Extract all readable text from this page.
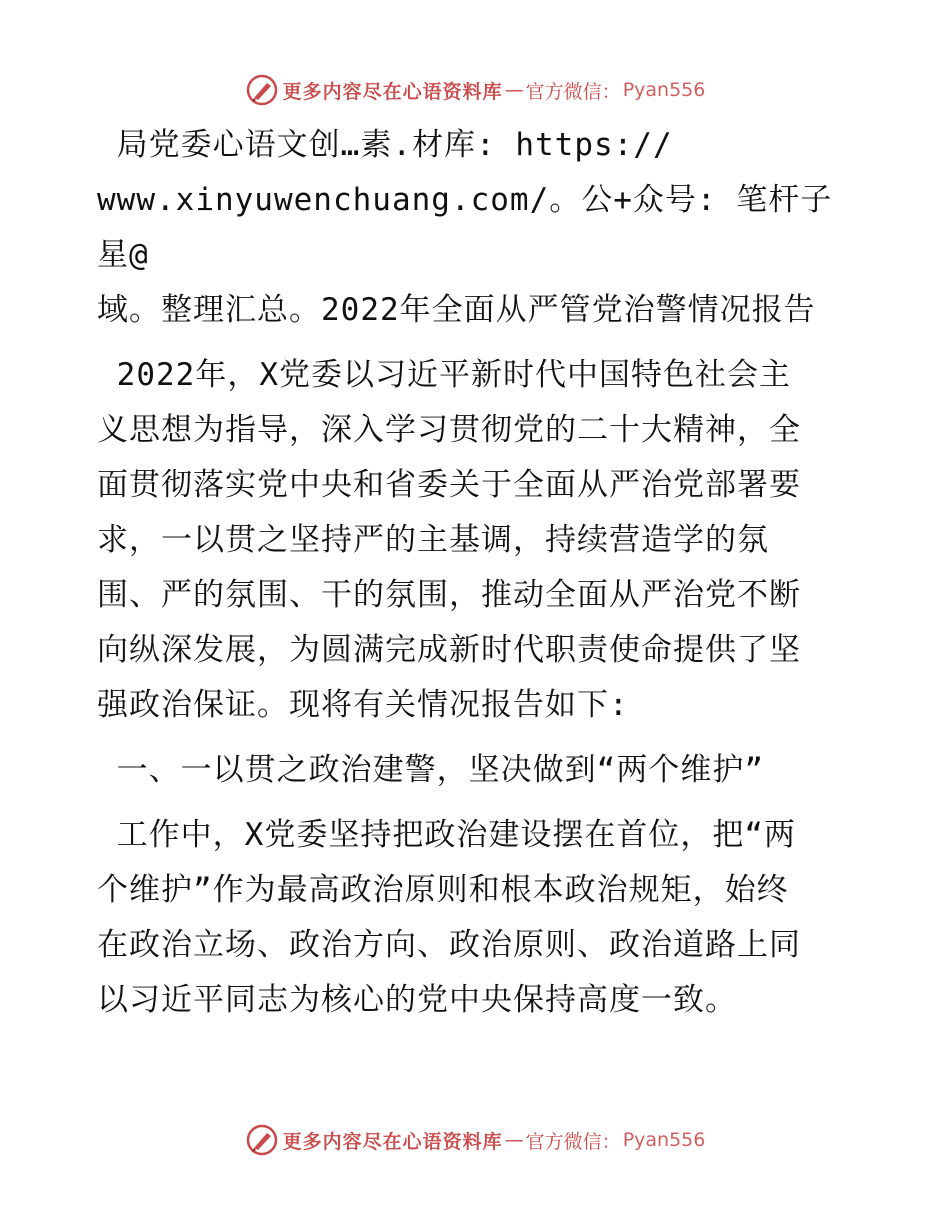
更多内容尽在心语资料库 — 官方微信： Pyan556

局党委心语文创…素.材库: https://
www.xinyuwenchuang.com/。公+众号: 笔杆子星@
域。整理汇总。2022年全面从严管党治警情况报告

2022年，X党委以习近平新时代中国特色社会主
义思想为指导，深入学习贯彻党的二十大精神，全
面贯彻落实党中央和省委关于全面从严治党部署要
求，一以贯之坚持严的主基调，持续营造学的氛
围、严的氛围、干的氛围，推动全面从严治党不断
向纵深发展，为圆满完成新时代职责使命提供了坚
强政治保证。现将有关情况报告如下:

一、一以贯之政治建警，坚决做到“两个维护”

工作中，X党委坚持把政治建设摆在首位，把“两
个维护”作为最高政治原则和根本政治规矩，始终
在政治立场、政治方向、政治原则、政治道路上同
以习近平同志为核心的党中央保持高度一致。

更多内容尽在心语资料库 — 官方微信： Pyan556
